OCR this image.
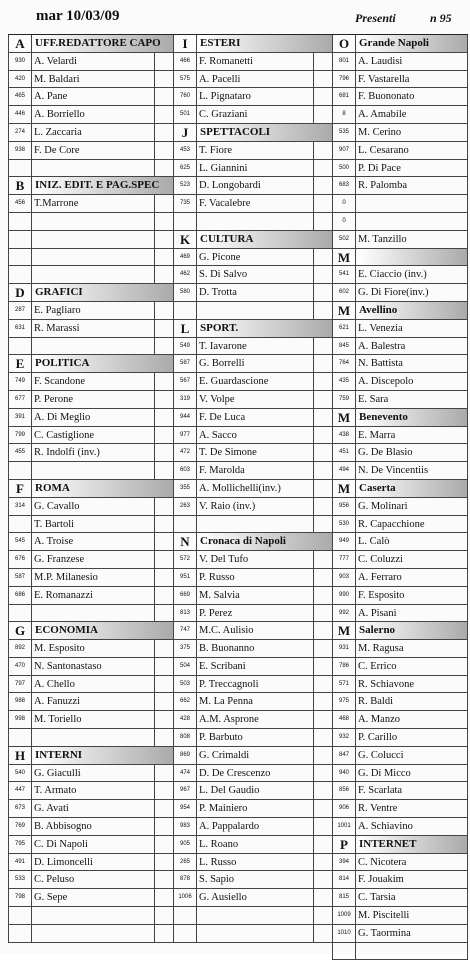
mar 10/03/09	Presenti	n 95
A UFF.REDATTORE CAPO
930 A. Velardi
420 M. Baldari
465 A. Pane
446 A. Borriello
274 L. Zaccaria
938 F. De Core
B INIZ. EDIT. E PAG.SPEC
456 T.Marrone
D GRAFICI
287 E. Pagliaro
631 R. Marassi
E POLITICA
749 F. Scandone
677 P. Perone
391 A. Di Meglio
799 C. Castiglione
455 R. Indolfi (inv.)
F	ROMA
314 G. Cavallo
T. Bartoli
545 A. Troise
676 G. Franzese
587 M.P. Milanesio
686 E. Romanazzi
G ECONOMIA
892 M. Esposito
470 N. Santonastaso
797 A. Chello
988 A. Fanuzzi
998 M. Toriello
H INTERNI
540 G. Giaculli
447 T. Armato
673 G. Avati
769 B. Abbisogno
795 C. Di Napoli
491 D. Limoncelli
533 C. Peluso
798 G. Sepe
I	ESTERI
466 F. Romanetti
575 A. Pacelli
760 L. Pignataro
501 C. Graziani
J	SPETTACOLI
453 T. Fiore
625 L. Giannini
523 D. Longobardi
735 F. Vacalebre
K CULTURA
469 G. Picone
462 S. Di Salvo
580 D. Trotta
L SPORT.
549 T. Iavarone
587 G. Borrelli
567 E. Guardascione
319 V. Volpe
944 F. De Luca
977 A. Sacco
472 T. De Simone
603 F. Marolda
355 A. Mollichelli(inv.)
263 V. Raio (inv.)
N Cronaca di Napoli
572 V. Del Tufo
951 P. Russo
669 M. Salvia
813 P. Perez
747 M.C. Aulisio
375 B. Buonanno
504 E. Scribani
503 P. Treccagnoli
662 M. La Penna
428 A.M. Asprone
808 P. Barbuto
869 G. Crimaldi
474 D. De Crescenzo
967 L. Del Gaudio
954 P. Mainiero
983 A. Pappalardo
905 L. Roano
265 L. Russo
878 S. Sapio
1006 G. Ausiello
O Grande Napoli
801 A. Laudisi
796 F. Vastarella
681 F. Buononato
8	A. Amabile
535 M. Cerino
907 L. Cesarano
500 P. Di Pace
683 R. Palomba
0
0
502 M. Tanzillo
M
541 E. Ciaccio (inv.)
602 G. Di Fiore(inv.)
M Avellino
621 L. Venezia
845 A. Balestra
764 N. Battista
435 A. Discepolo
759 E. Sara
M Benevento
438 E. Marra
451 G. De Blasio
494 N. De Vincentiis
M Caserta
956 G. Molinari
530 R. Capacchione
949 L. Calò
777 C. Coluzzi
903 A. Ferraro
990 F. Esposito
992 A. Pisani
M Salerno
931 M. Ragusa
786 C. Errico
571 R. Schiavone
975 R. Baldi
468 A. Manzo
932 P. Carillo
847 G. Colucci
940 G. Di Micco
856 F. Scarlata
906 R. Ventre
1001 A. Schiavino
P	INTERNET
394 C. Nicotera
814 F. Jouakim
815 C. Tarsia
1009 M. Piscitelli
1010 G. Taormina
